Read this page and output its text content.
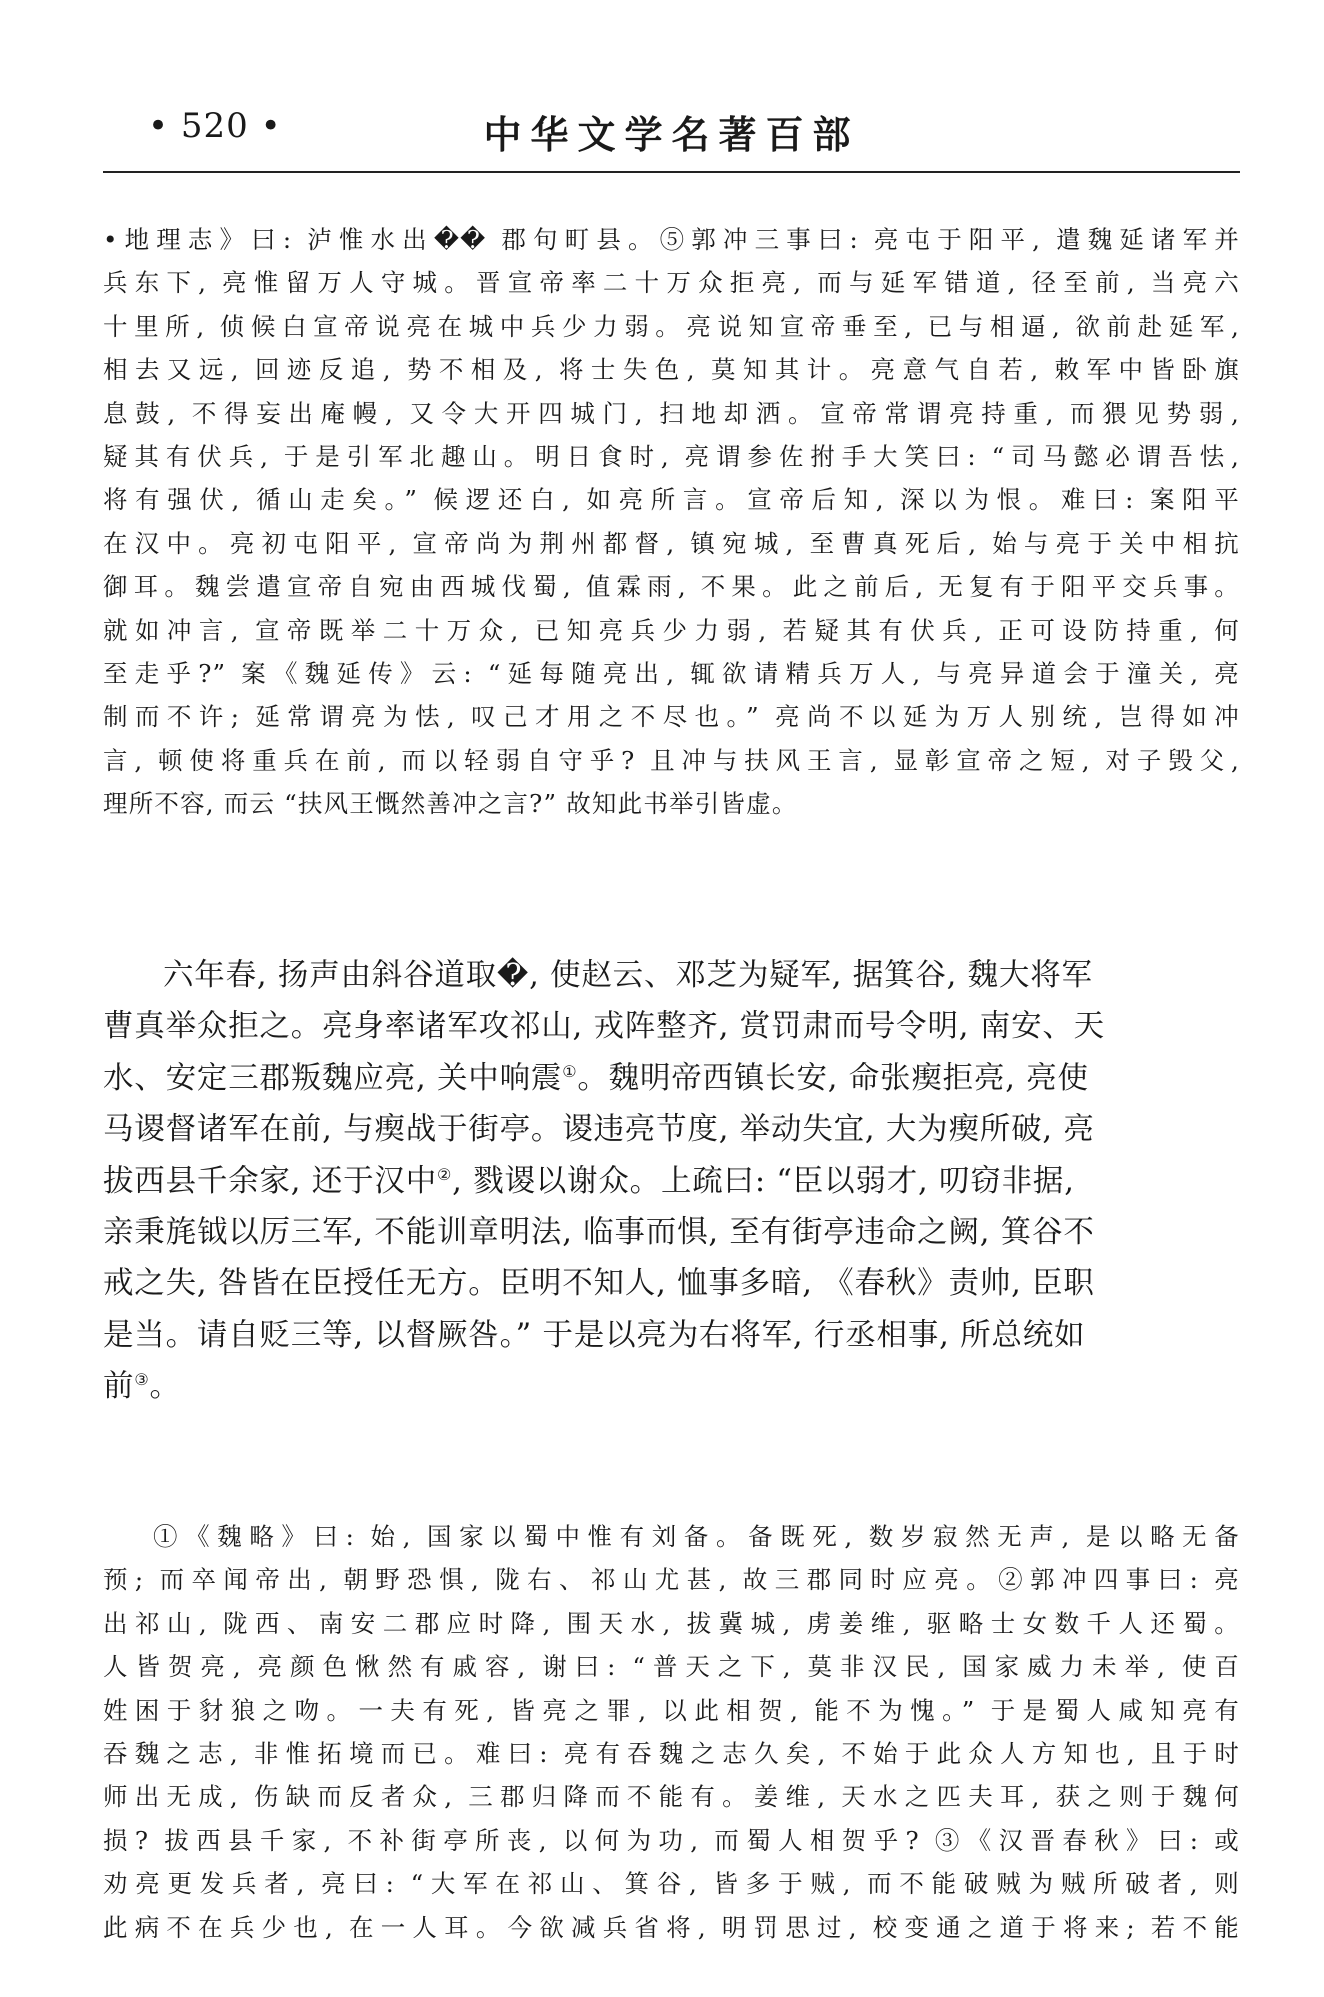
• 520 •	中华文学名著百部
•地理志》曰: 泸惟水出�� 郡句町县。⑤郭冲三事曰: 亮屯于阳平, 遣魏延诸军并
兵东下, 亮惟留万人守城。晋宣帝率二十万众拒亮, 而与延军错道, 径至前, 当亮六
十里所, 侦候白宣帝说亮在城中兵少力弱。亮说知宣帝垂至, 已与相逼, 欲前赴延军,
相去又远, 回迹反追, 势不相及, 将士失色, 莫知其计。亮意气自若, 敕军中皆卧旗
息鼓, 不得妄出庵幔, 又令大开四城门, 扫地却洒。宣帝常谓亮持重, 而猥见势弱,
疑其有伏兵, 于是引军北趣山。明日食时, 亮谓参佐拊手大笑曰: “司马懿必谓吾怯,
将有强伏, 循山走矣。” 候逻还白, 如亮所言。宣帝后知, 深以为恨。难曰: 案阳平
在汉中。亮初屯阳平, 宣帝尚为荆州都督, 镇宛城, 至曹真死后, 始与亮于关中相抗
御耳。魏尝遣宣帝自宛由西城伐蜀, 值霖雨, 不果。此之前后, 无复有于阳平交兵事。
就如冲言, 宣帝既举二十万众, 已知亮兵少力弱, 若疑其有伏兵, 正可设防持重, 何
至走乎?” 案《魏延传》云: “延每随亮出, 辄欲请精兵万人, 与亮异道会于潼关, 亮
制而不许; 延常谓亮为怯, 叹己才用之不尽也。” 亮尚不以延为万人别统, 岂得如冲
言, 顿使将重兵在前, 而以轻弱自守乎? 且冲与扶风王言, 显彰宣帝之短, 对子毁父,
理所不容, 而云 “扶风王慨然善冲之言?” 故知此书举引皆虚。
六年春, 扬声由斜谷道取�, 使赵云、邓芝为疑军, 据箕谷, 魏大将军
曹真举众拒之。亮身率诸军攻祁山, 戎阵整齐, 赏罚肃而号令明, 南安、天
水、安定三郡叛魏应亮, 关中响震①。魏明帝西镇长安, 命张瘈拒亮, 亮使
马谡督诸军在前, 与瘈战于街亭。谡违亮节度, 举动失宜, 大为瘈所破, 亮
拔西县千余家, 还于汉中②, 戮谡以谢众。上疏曰: “臣以弱才, 叨窃非据,
亲秉旄钺以厉三军, 不能训章明法, 临事而惧, 至有街亭违命之阙, 箕谷不
戒之失, 咎皆在臣授任无方。臣明不知人, 恤事多暗, 《春秋》责帅, 臣职
是当。请自贬三等, 以督厥咎。” 于是以亮为右将军, 行丞相事, 所总统如
前③。
①《魏略》曰: 始, 国家以蜀中惟有刘备。备既死, 数岁寂然无声, 是以略无备
预; 而卒闻帝出, 朝野恐惧, 陇右、祁山尤甚, 故三郡同时应亮。②郭冲四事曰: 亮
出祁山, 陇西、南安二郡应时降, 围天水, 拔冀城, 虏姜维, 驱略士女数千人还蜀。
人皆贺亮, 亮颜色愀然有戚容, 谢曰: “普天之下, 莫非汉民, 国家威力未举, 使百
姓困于豺狼之吻。一夫有死, 皆亮之罪, 以此相贺, 能不为愧。” 于是蜀人咸知亮有
吞魏之志, 非惟拓境而已。难曰: 亮有吞魏之志久矣, 不始于此众人方知也, 且于时
师出无成, 伤缺而反者众, 三郡归降而不能有。姜维, 天水之匹夫耳, 获之则于魏何
损? 拔西县千家, 不补街亭所丧, 以何为功, 而蜀人相贺乎? ③《汉晋春秋》曰: 或
劝亮更发兵者, 亮曰: “大军在祁山、箕谷, 皆多于贼, 而不能破贼为贼所破者, 则
此病不在兵少也, 在一人耳。今欲减兵省将, 明罚思过, 校变通之道于将来; 若不能
